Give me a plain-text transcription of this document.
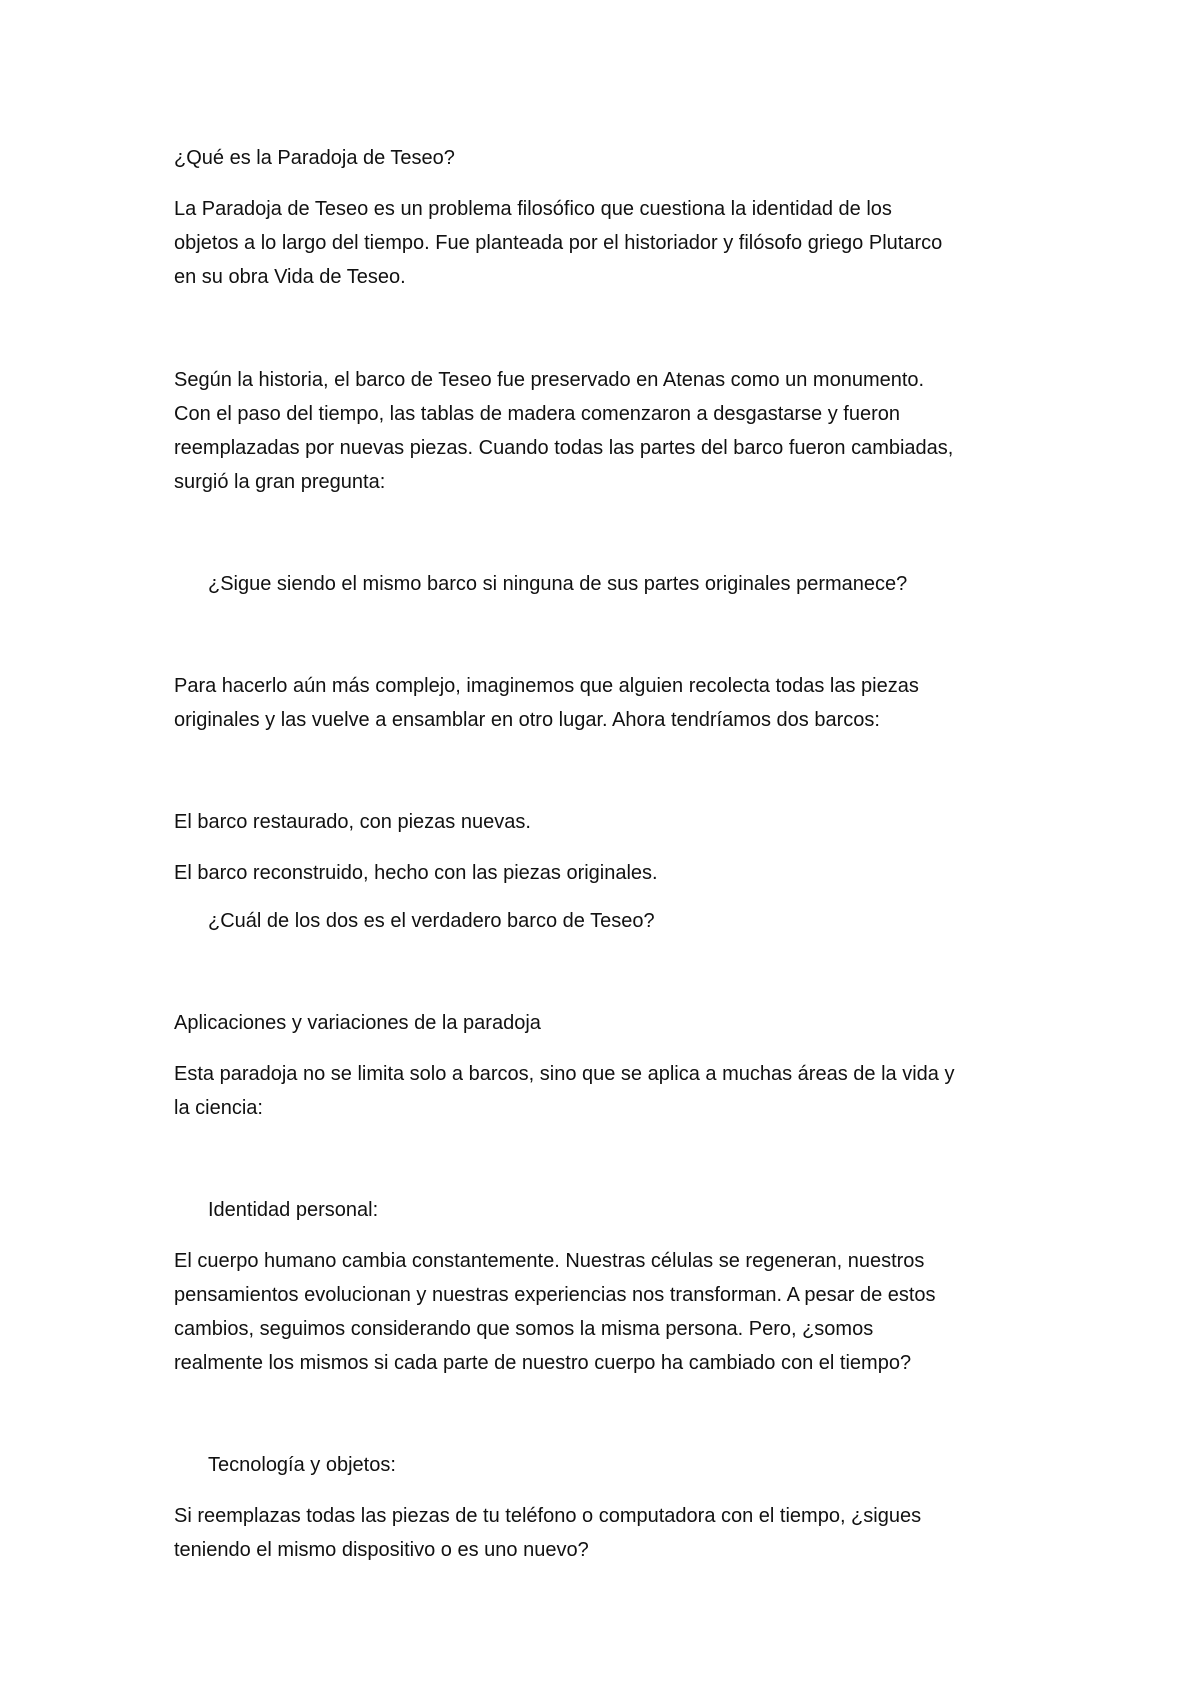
¿Qué es la Paradoja de Teseo?
La Paradoja de Teseo es un problema filosófico que cuestiona la identidad de los
objetos a lo largo del tiempo. Fue planteada por el historiador y filósofo griego Plutarco
en su obra Vida de Teseo.
Según la historia, el barco de Teseo fue preservado en Atenas como un monumento.
Con el paso del tiempo, las tablas de madera comenzaron a desgastarse y fueron
reemplazadas por nuevas piezas. Cuando todas las partes del barco fueron cambiadas,
surgió la gran pregunta:
¿Sigue siendo el mismo barco si ninguna de sus partes originales permanece?
Para hacerlo aún más complejo, imaginemos que alguien recolecta todas las piezas
originales y las vuelve a ensamblar en otro lugar. Ahora tendríamos dos barcos:
El barco restaurado, con piezas nuevas.
El barco reconstruido, hecho con las piezas originales.
¿Cuál de los dos es el verdadero barco de Teseo?
Aplicaciones y variaciones de la paradoja
Esta paradoja no se limita solo a barcos, sino que se aplica a muchas áreas de la vida y
la ciencia:
Identidad personal:
El cuerpo humano cambia constantemente. Nuestras células se regeneran, nuestros
pensamientos evolucionan y nuestras experiencias nos transforman. A pesar de estos
cambios, seguimos considerando que somos la misma persona. Pero, ¿somos
realmente los mismos si cada parte de nuestro cuerpo ha cambiado con el tiempo?
Tecnología y objetos:
Si reemplazas todas las piezas de tu teléfono o computadora con el tiempo, ¿sigues
teniendo el mismo dispositivo o es uno nuevo?
